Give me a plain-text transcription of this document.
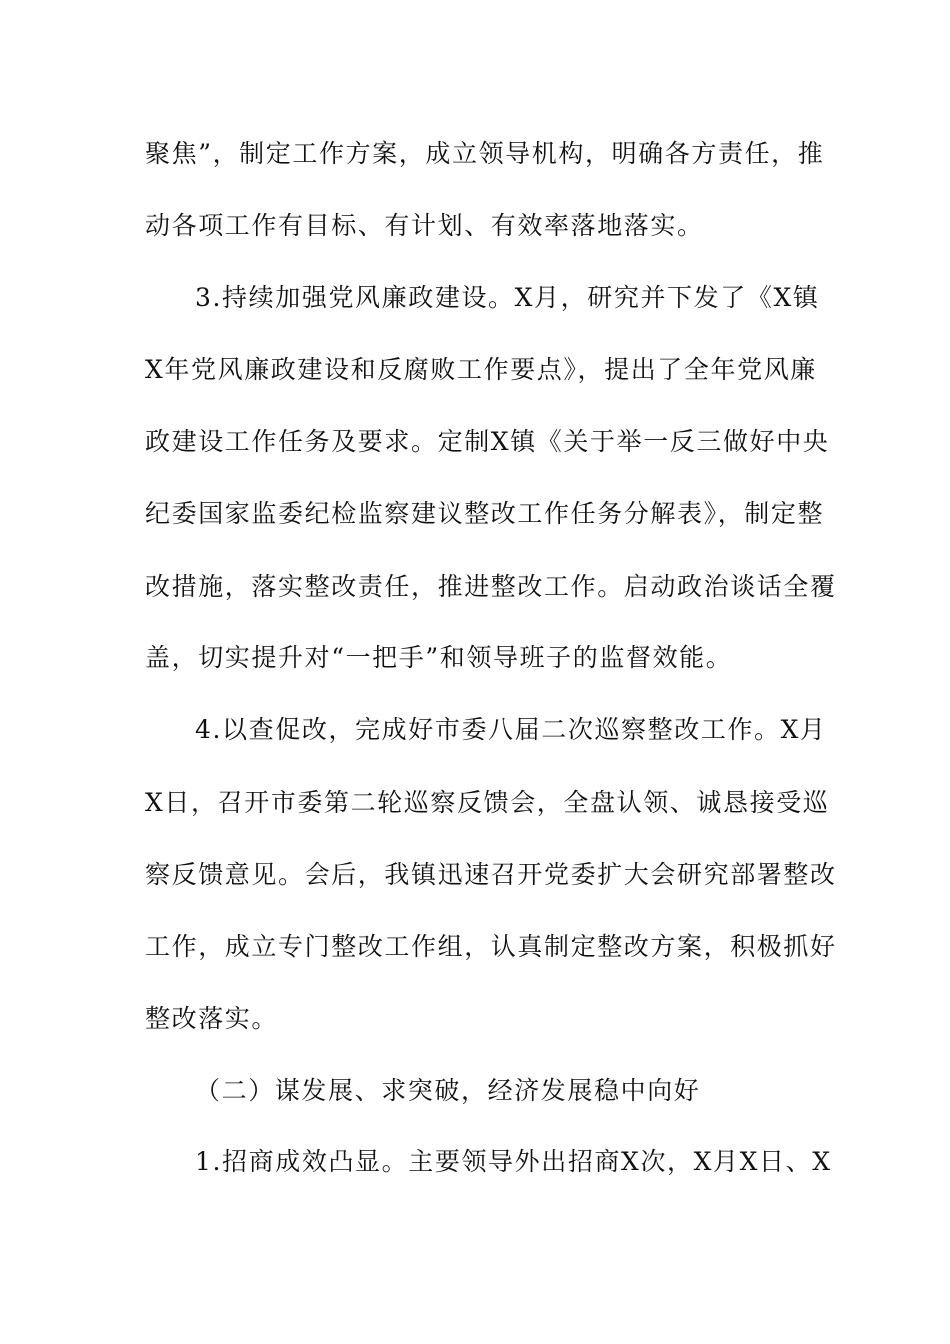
聚焦”，制定工作方案，成立领导机构，明确各方责任，推
动各项工作有目标、有计划、有效率落地落实。
3.持续加强党风廉政建设。X月，研究并下发了《X镇
X年党风廉政建设和反腐败工作要点》，提出了全年党风廉
政建设工作任务及要求。定制X镇《关于举一反三做好中央
纪委国家监委纪检监察建议整改工作任务分解表》，制定整
改措施，落实整改责任，推进整改工作。启动政治谈话全覆
盖，切实提升对“一把手”和领导班子的监督效能。
4.以查促改，完成好市委八届二次巡察整改工作。X月
X日，召开市委第二轮巡察反馈会，全盘认领、诚恳接受巡
察反馈意见。会后，我镇迅速召开党委扩大会研究部署整改
工作，成立专门整改工作组，认真制定整改方案，积极抓好
整改落实。
（二）谋发展、求突破，经济发展稳中向好
1.招商成效凸显。主要领导外出招商X次，X月X日、X
